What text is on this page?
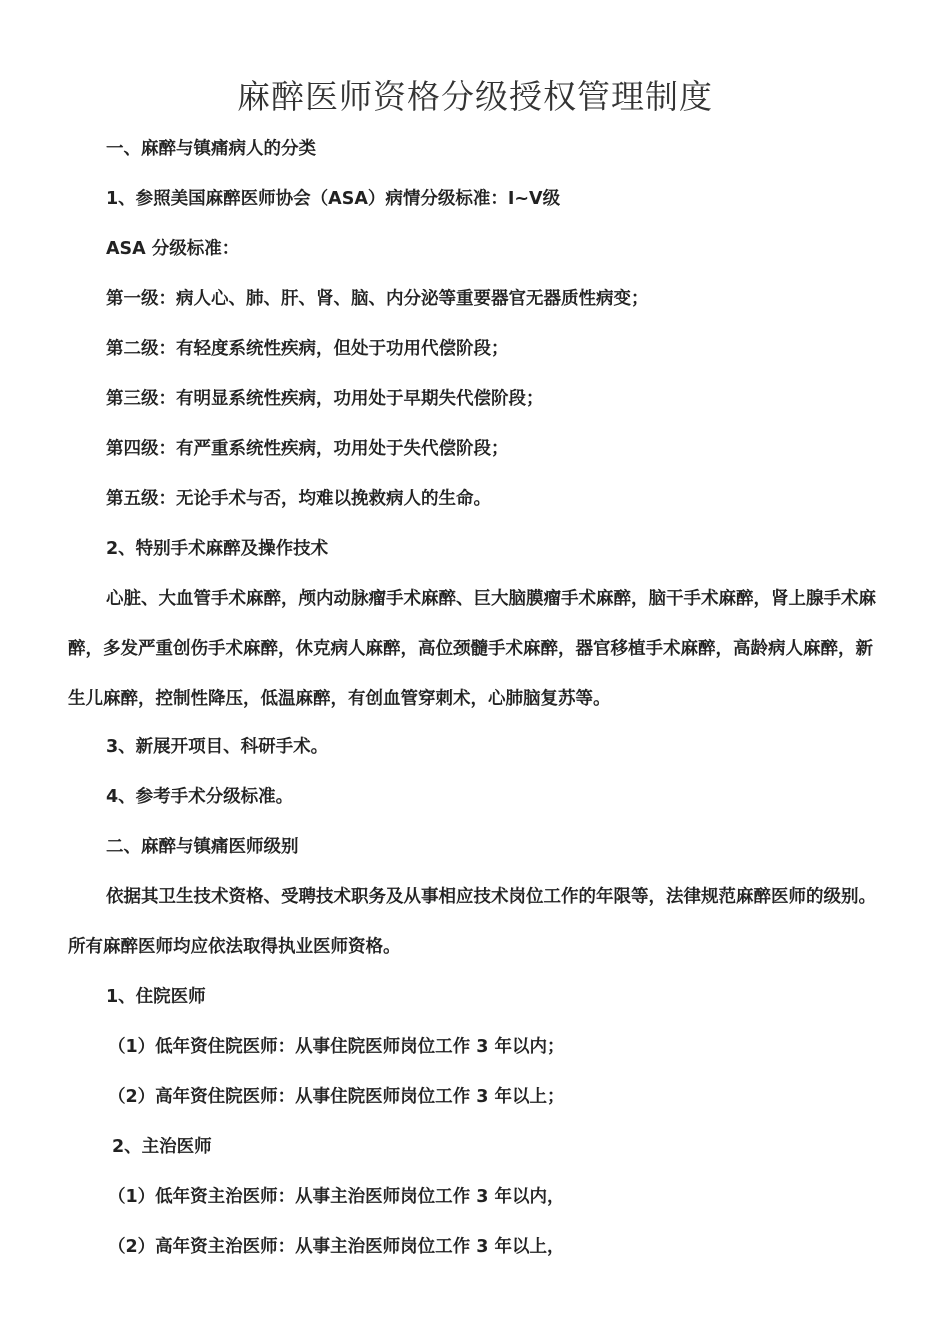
麻醉医师资格分级授权管理制度
一、麻醉与镇痛病人的分类
1、参照美国麻醉医师协会（ASA）病情分级标准：Ⅰ~Ⅴ级
ASA 分级标准：
第一级：病人心、肺、肝、肾、脑、内分泌等重要器官无器质性病变；
第二级：有轻度系统性疾病，但处于功用代偿阶段；
第三级：有明显系统性疾病，功用处于早期失代偿阶段；
第四级：有严重系统性疾病，功用处于失代偿阶段；
第五级：无论手术与否，均难以挽救病人的生命。
2、特别手术麻醉及操作技术
心脏、大血管手术麻醉，颅内动脉瘤手术麻醉、巨大脑膜瘤手术麻醉，脑干手术麻醉，肾上腺手术麻醉，多发严重创伤手术麻醉，休克病人麻醉，高位颈髓手术麻醉，器官移植手术麻醉，高龄病人麻醉，新生儿麻醉，控制性降压，低温麻醉，有创血管穿刺术，心肺脑复苏等。
3、新展开项目、科研手术。
4、参考手术分级标准。
二、麻醉与镇痛医师级别
依据其卫生技术资格、受聘技术职务及从事相应技术岗位工作的年限等，法律规范麻醉医师的级别。所有麻醉医师均应依法取得执业医师资格。
1、住院医师
（1）低年资住院医师：从事住院医师岗位工作 3 年以内；
（2）高年资住院医师：从事住院医师岗位工作 3 年以上；
2、主治医师
（1）低年资主治医师：从事主治医师岗位工作 3 年以内，
（2）高年资主治医师：从事主治医师岗位工作 3 年以上，
